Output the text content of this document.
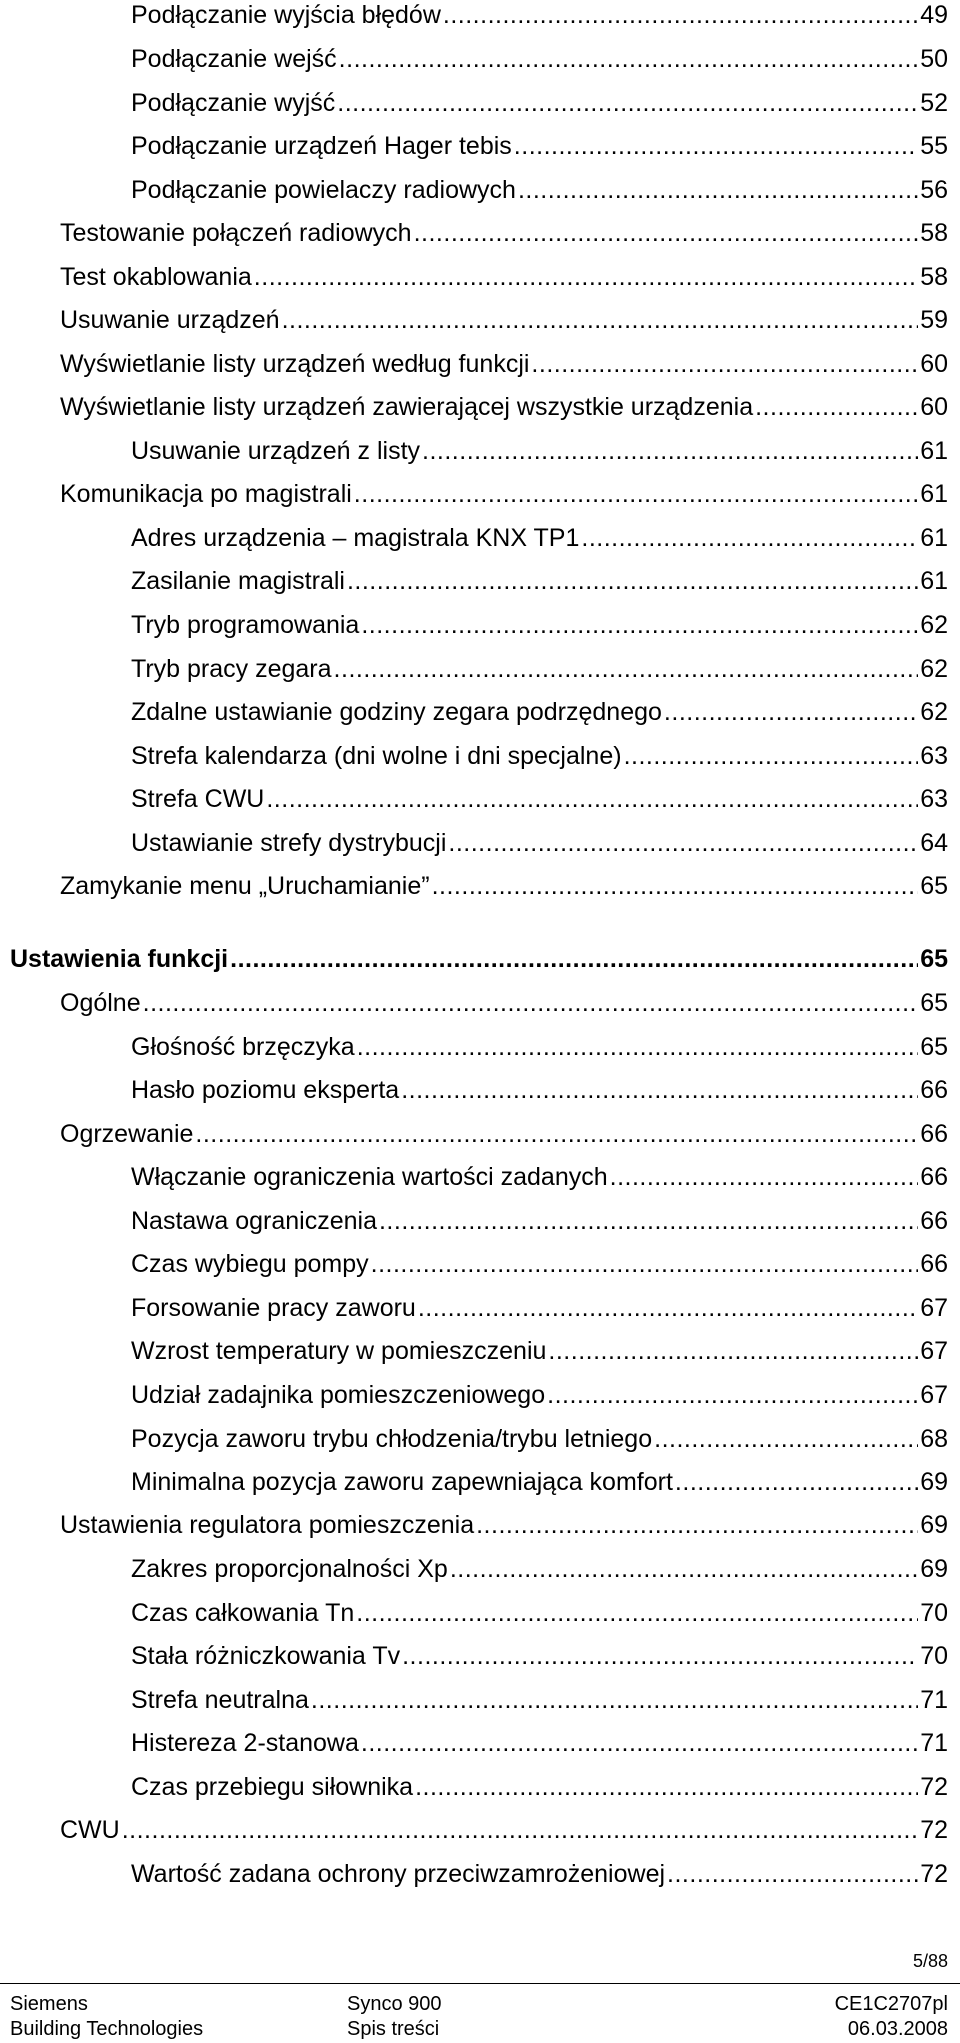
Podłączanie wyjścia błędów .....	49
Podłączanie wejść .....	50
Podłączanie wyjść .....	52
Podłączanie urządzeń Hager tebis .....	55
Podłączanie powielaczy radiowych .....	56
Testowanie połączeń radiowych .....	58
Test okablowania .....	58
Usuwanie urządzeń .....	59
Wyświetlanie listy urządzeń według funkcji .....	60
Wyświetlanie listy urządzeń zawierającej wszystkie urządzenia .....	60
Usuwanie urządzeń z listy .....	61
Komunikacja po magistrali .....	61
Adres urządzenia – magistrala KNX TP1 .....	61
Zasilanie magistrali .....	61
Tryb programowania .....	62
Tryb pracy zegara .....	62
Zdalne ustawianie godziny zegara podrzędnego .....	62
Strefa kalendarza (dni wolne i dni specjalne) .....	63
Strefa CWU .....	63
Ustawianie strefy dystrybucji .....	64
Zamykanie menu „Uruchamianie” .....	65
Ustawienia funkcji .....	65
Ogólne .....	65
Głośność brzęczyka .....	65
Hasło poziomu eksperta .....	66
Ogrzewanie .....	66
Włączanie ograniczenia wartości zadanych .....	66
Nastawa ograniczenia .....	66
Czas wybiegu pompy .....	66
Forsowanie pracy zaworu .....	67
Wzrost temperatury w pomieszczeniu .....	67
Udział zadajnika pomieszczeniowego .....	67
Pozycja zaworu trybu chłodzenia/trybu letniego .....	68
Minimalna pozycja zaworu zapewniająca komfort .....	69
Ustawienia regulatora pomieszczenia .....	69
Zakres proporcjonalności Xp .....	69
Czas całkowania Tn .....	70
Stała różniczkowania Tv .....	70
Strefa neutralna .....	71
Histereza 2-stanowa .....	71
Czas przebiegu siłownika .....	72
CWU .....	72
Wartość zadana ochrony przeciwzamrożeniowej .....	72
5/88
Siemens	Synco 900	CE1C2707pl
Building Technologies	Spis treści	06.03.2008
